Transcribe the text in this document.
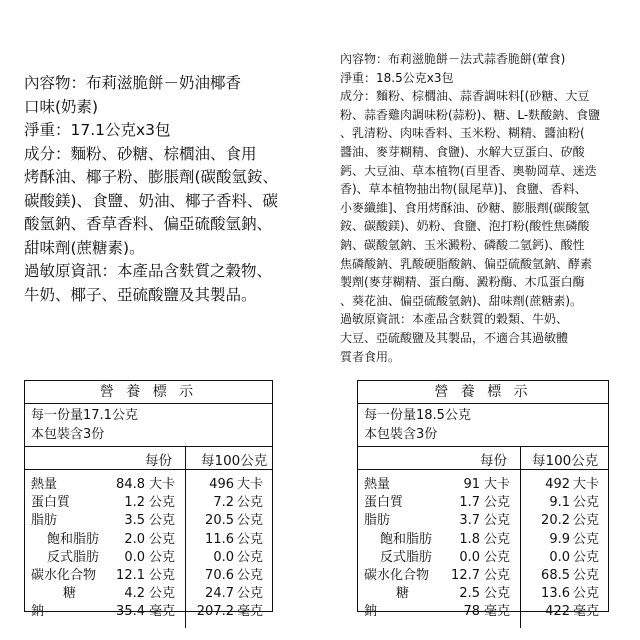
內容物：布莉滋脆餅－奶油椰香
口味(奶素)
淨重：17.1公克x3包
成分：麵粉、砂糖、棕櫚油、食用
烤酥油、椰子粉、膨脹劑(碳酸氫銨、
碳酸鎂)、食鹽、奶油、椰子香料、碳
酸氫鈉、香草香料、偏亞硫酸氫鈉、
甜味劑(蔗糖素)。
過敏原資訊：本產品含麩質之穀物、
牛奶、椰子、亞硫酸鹽及其製品。
內容物：布莉滋脆餅－法式蒜香脆餅(葷食)
淨重：18.5公克x3包
成分：麵粉、棕櫚油、蒜香調味料[(砂糖、大豆
粉、蒜香雞肉調味粉(蒜粉)、糖、L-麩酸鈉、食鹽
、乳清粉、肉味香料、玉米粉、糊精、醬油粉(
醬油、麥芽糊精、食鹽)、水解大豆蛋白、矽酸
鈣、大豆油、草本植物(百里香、奧勒岡草、迷迭
香)、草本植物抽出物(鼠尾草)]、食鹽、香料、
小麥纖維]、食用烤酥油、砂糖、膨脹劑(碳酸氫
銨、碳酸鎂)、奶粉、食鹽、泡打粉(酸性焦磷酸
鈉、碳酸氫鈉、玉米澱粉、磷酸二氫鈣)、酸性
焦磷酸鈉、乳酸硬脂酸鈉、偏亞硫酸氫鈉、酵素
製劑(麥芽糊精、蛋白酶、澱粉酶、木瓜蛋白酶
、葵花油、偏亞硫酸氫鈉)、甜味劑(蔗糖素)。
過敏原資訊：本產品含麩質的穀類、牛奶、
大豆、亞硫酸鹽及其製品，不適合其過敏體
質者食用。
營 養 標 示
每一份量17.1公克
本包裝含3份
每份 每100公克
熱量	84.8 大卡	496 大卡
蛋白質	1.2 公克	7.2 公克
脂肪	3.5 公克 20.5 公克
飽和脂肪 2.0 公克 11.6 公克
反式脂肪 0.0 公克	0.0 公克
碳水化合物 12.1 公克 70.6 公克
糖	4.2 公克 24.7 公克
鈉	35.4 毫克 207.2 毫克
營 養 標 示
每一份量18.5公克
本包裝含3份
每份 每100公克
熱量	91 大卡	492 大卡
蛋白質	1.7 公克	9.1 公克
脂肪	3.7 公克 20.2 公克
飽和脂肪 1.8 公克	9.9 公克
反式脂肪 0.0 公克	0.0 公克
碳水化合物 12.7 公克 68.5 公克
糖	2.5 公克 13.6 公克
鈉	78 毫克	422 毫克
